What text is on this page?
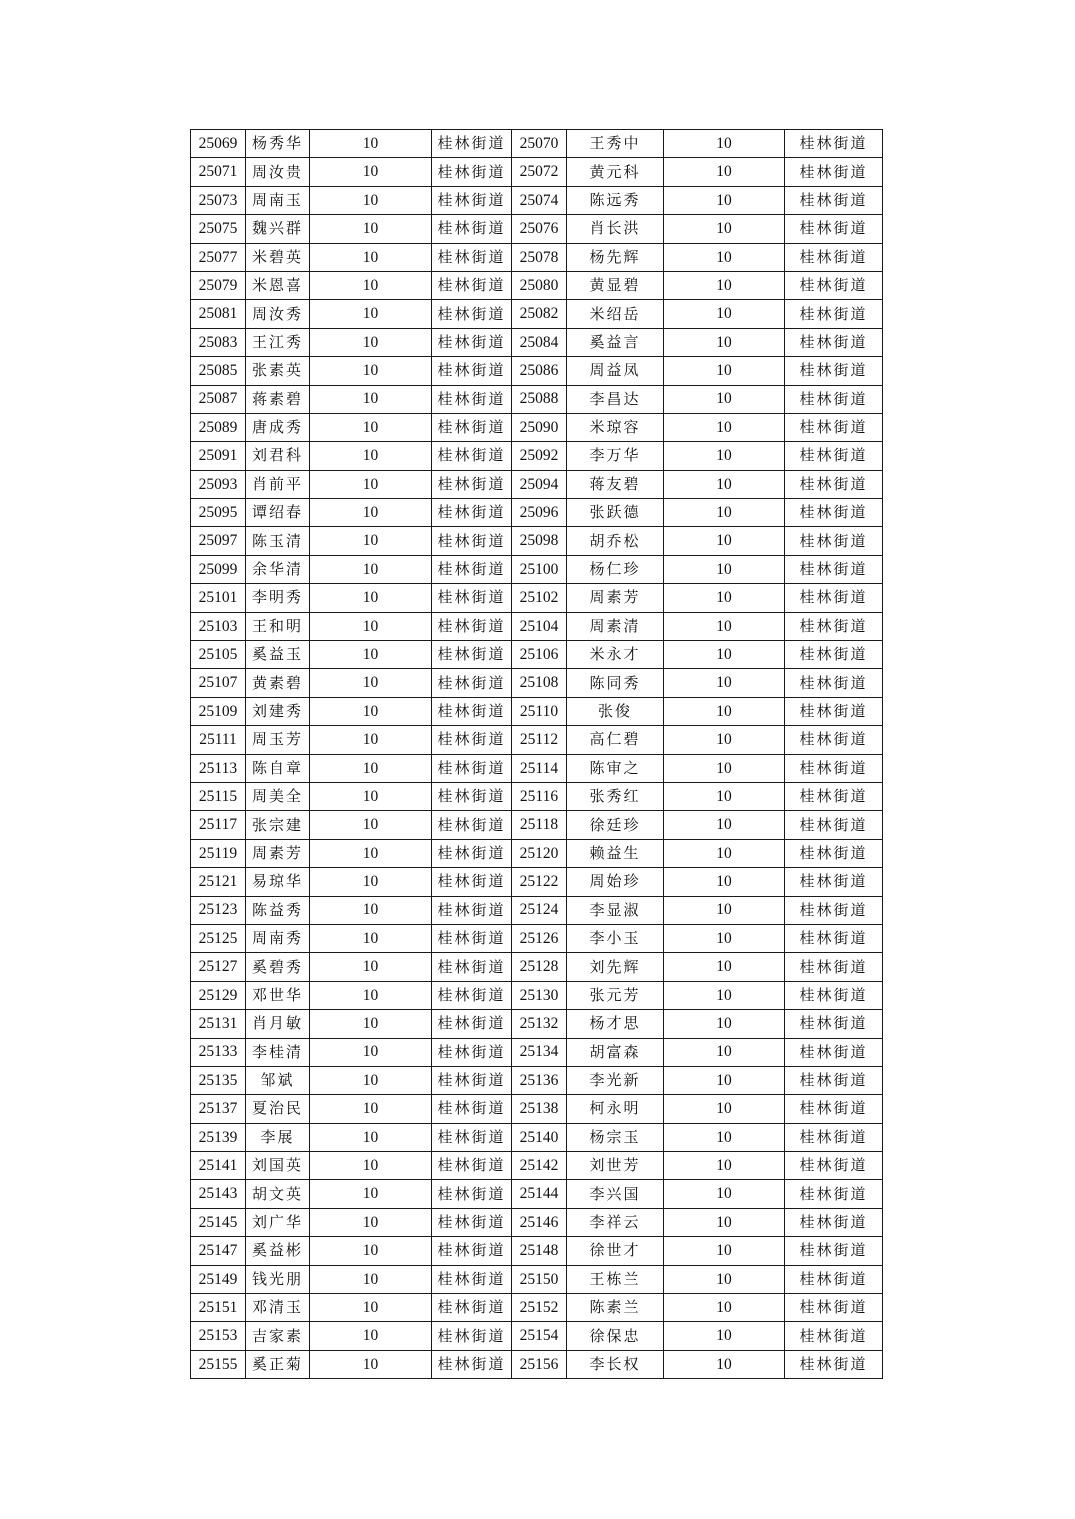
25069	杨秀华	10	桂林街道	25070	王秀中	10	桂林街道
25071	周汝贵	10	桂林街道	25072	黄元科	10	桂林街道
25073	周南玉	10	桂林街道	25074	陈远秀	10	桂林街道
25075	魏兴群	10	桂林街道	25076	肖长洪	10	桂林街道
25077	米碧英	10	桂林街道	25078	杨先辉	10	桂林街道
25079	米恩喜	10	桂林街道	25080	黄显碧	10	桂林街道
25081	周汝秀	10	桂林街道	25082	米绍岳	10	桂林街道
25083	王江秀	10	桂林街道	25084	奚益言	10	桂林街道
25085	张素英	10	桂林街道	25086	周益凤	10	桂林街道
25087	蒋素碧	10	桂林街道	25088	李昌达	10	桂林街道
25089	唐成秀	10	桂林街道	25090	米琼容	10	桂林街道
25091	刘君科	10	桂林街道	25092	李万华	10	桂林街道
25093	肖前平	10	桂林街道	25094	蒋友碧	10	桂林街道
25095	谭绍春	10	桂林街道	25096	张跃德	10	桂林街道
25097	陈玉清	10	桂林街道	25098	胡乔松	10	桂林街道
25099	余华清	10	桂林街道	25100	杨仁珍	10	桂林街道
25101	李明秀	10	桂林街道	25102	周素芳	10	桂林街道
25103	王和明	10	桂林街道	25104	周素清	10	桂林街道
25105	奚益玉	10	桂林街道	25106	米永才	10	桂林街道
25107	黄素碧	10	桂林街道	25108	陈同秀	10	桂林街道
25109	刘建秀	10	桂林街道	25110	张俊	10	桂林街道
25111	周玉芳	10	桂林街道	25112	高仁碧	10	桂林街道
25113	陈自章	10	桂林街道	25114	陈审之	10	桂林街道
25115	周美全	10	桂林街道	25116	张秀红	10	桂林街道
25117	张宗建	10	桂林街道	25118	徐廷珍	10	桂林街道
25119	周素芳	10	桂林街道	25120	赖益生	10	桂林街道
25121	易琼华	10	桂林街道	25122	周始珍	10	桂林街道
25123	陈益秀	10	桂林街道	25124	李显淑	10	桂林街道
25125	周南秀	10	桂林街道	25126	李小玉	10	桂林街道
25127	奚碧秀	10	桂林街道	25128	刘先辉	10	桂林街道
25129	邓世华	10	桂林街道	25130	张元芳	10	桂林街道
25131	肖月敏	10	桂林街道	25132	杨才思	10	桂林街道
25133	李桂清	10	桂林街道	25134	胡富森	10	桂林街道
25135	邹斌	10	桂林街道	25136	李光新	10	桂林街道
25137	夏治民	10	桂林街道	25138	柯永明	10	桂林街道
25139	李展	10	桂林街道	25140	杨宗玉	10	桂林街道
25141	刘国英	10	桂林街道	25142	刘世芳	10	桂林街道
25143	胡文英	10	桂林街道	25144	李兴国	10	桂林街道
25145	刘广华	10	桂林街道	25146	李祥云	10	桂林街道
25147	奚益彬	10	桂林街道	25148	徐世才	10	桂林街道
25149	钱光朋	10	桂林街道	25150	王栋兰	10	桂林街道
25151	邓清玉	10	桂林街道	25152	陈素兰	10	桂林街道
25153	吉家素	10	桂林街道	25154	徐保忠	10	桂林街道
25155	奚正菊	10	桂林街道	25156	李长权	10	桂林街道
